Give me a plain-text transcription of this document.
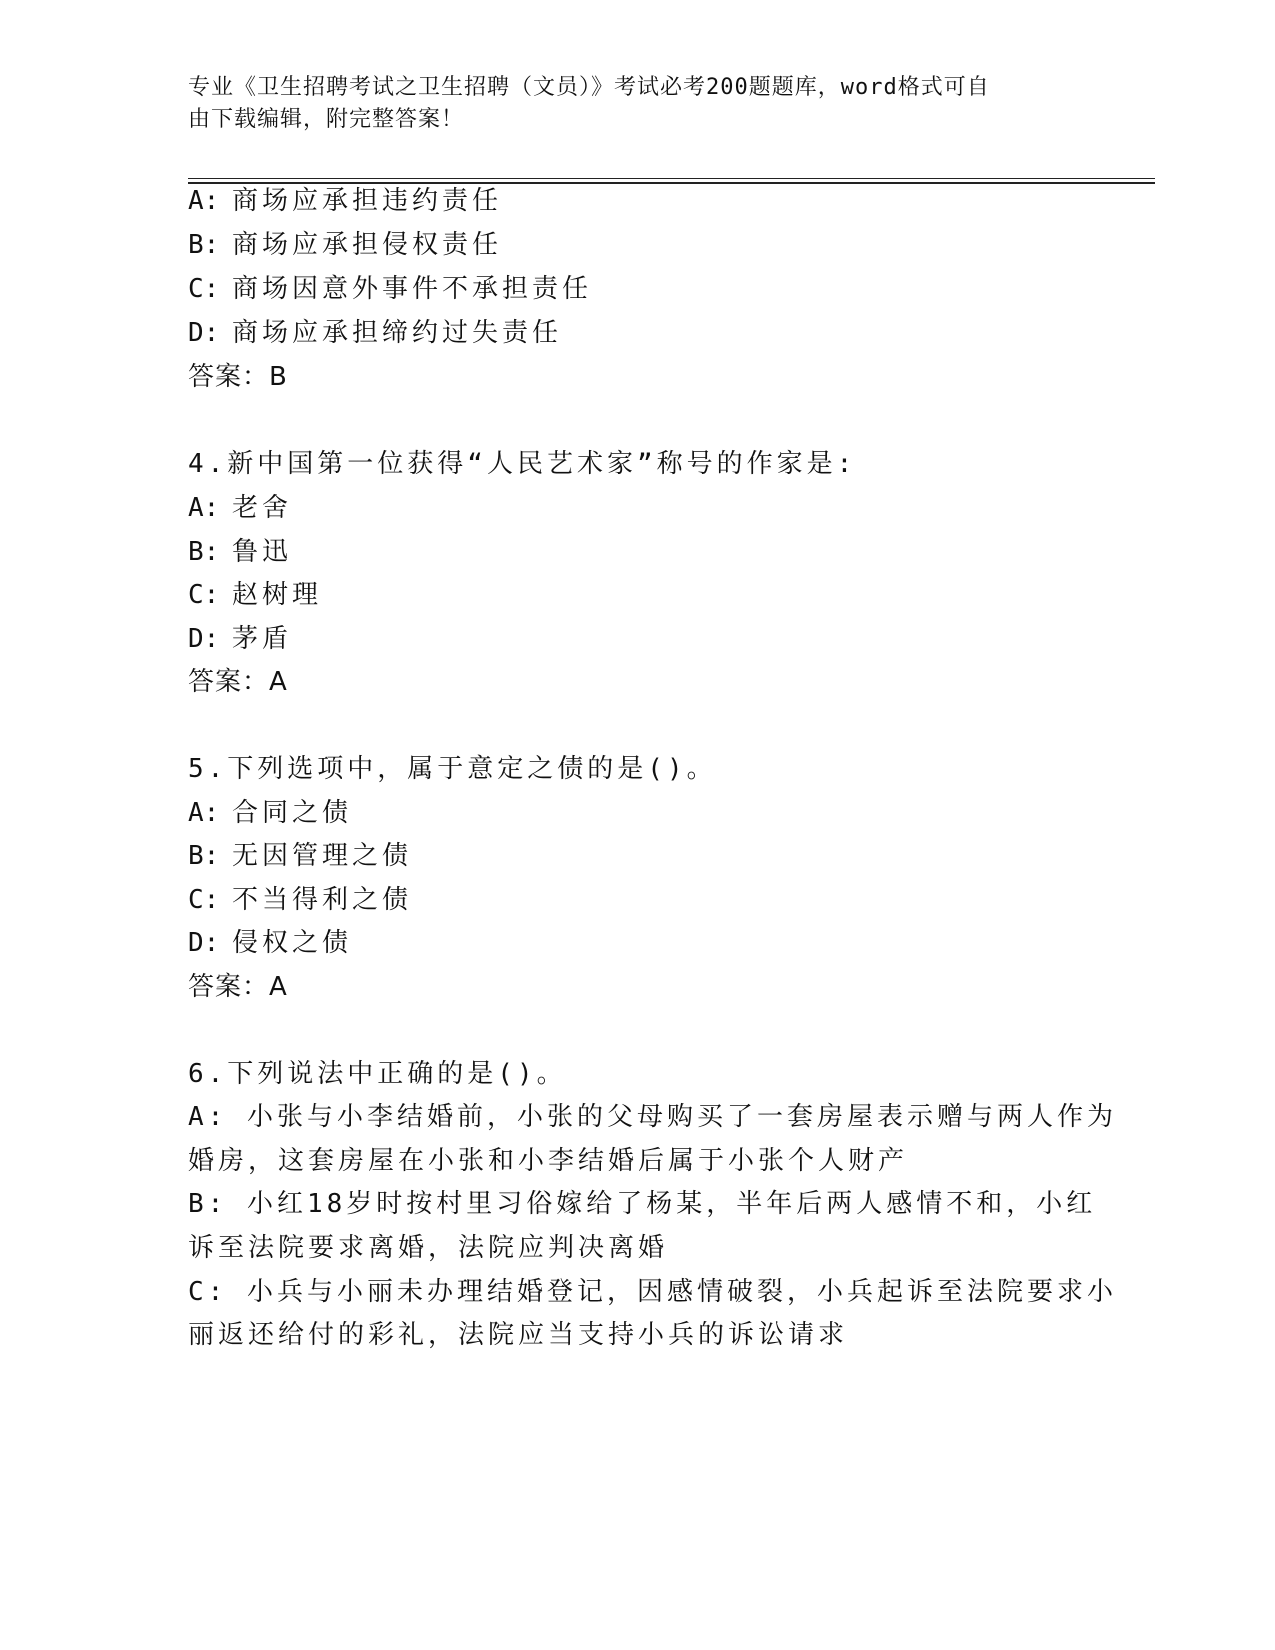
专业《卫生招聘考试之卫生招聘（文员）》考试必考200题题库，word格式可自
由下载编辑，附完整答案！
A: 商场应承担违约责任
B: 商场应承担侵权责任
C: 商场因意外事件不承担责任
D: 商场应承担缔约过失责任
答案：B
4.新中国第一位获得“人民艺术家”称号的作家是:
A: 老舍
B: 鲁迅
C: 赵树理
D: 茅盾
答案：A
5.下列选项中，属于意定之债的是()。
A: 合同之债
B: 无因管理之债
C: 不当得利之债
D: 侵权之债
答案：A
6.下列说法中正确的是()。
A: 小张与小李结婚前，小张的父母购买了一套房屋表示赠与两人作为
婚房，这套房屋在小张和小李结婚后属于小张个人财产
B: 小红18岁时按村里习俗嫁给了杨某，半年后两人感情不和，小红
诉至法院要求离婚，法院应判决离婚
C: 小兵与小丽未办理结婚登记，因感情破裂，小兵起诉至法院要求小
丽返还给付的彩礼，法院应当支持小兵的诉讼请求
